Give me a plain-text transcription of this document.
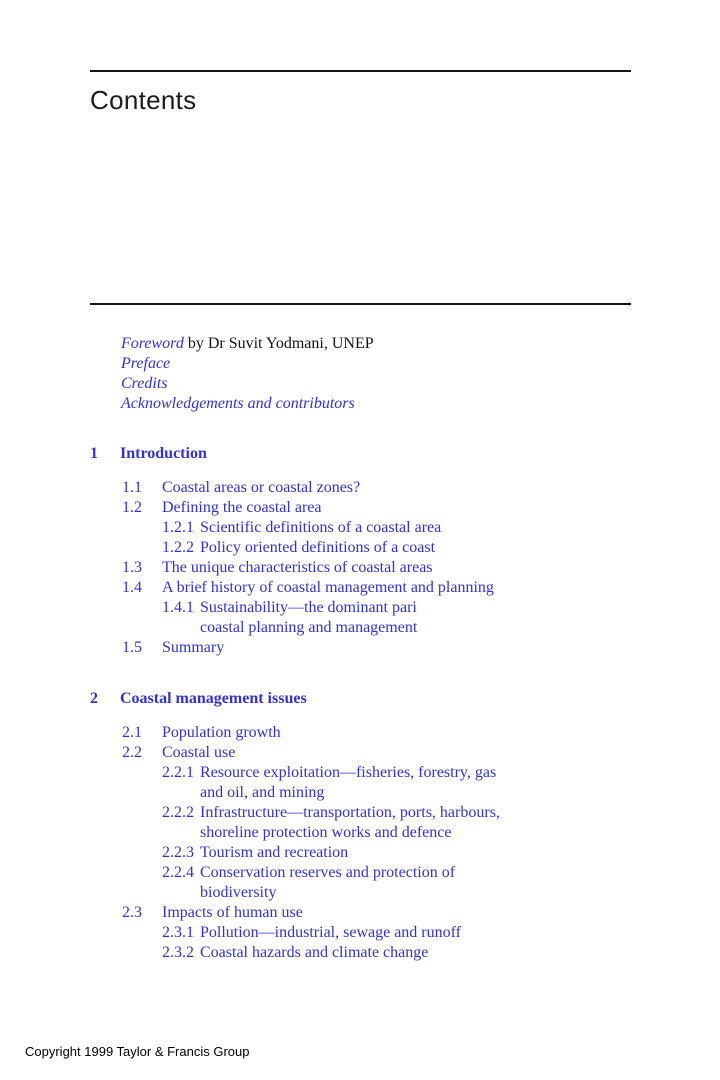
Contents
Foreword by Dr Suvit Yodmani, UNEP
Preface
Credits
Acknowledgements and contributors
1	Introduction
1.1	Coastal areas or coastal zones?
1.2	Defining the coastal area
1.2.1 Scientific definitions of a coastal area
1.2.2 Policy oriented definitions of a coast
1.3	The unique characteristics of coastal areas
1.4	A brief history of coastal management and planning
1.4.1 Sustainability—the dominant pari
coastal planning and management
1.5	Summary
2	Coastal management issues
2.1	Population growth
2.2	Coastal use
2.2.1 Resource exploitation—fisheries, forestry, gas
and oil, and mining
2.2.2 Infrastructure—transportation, ports, harbours,
shoreline protection works and defence
2.2.3 Tourism and recreation
2.2.4 Conservation reserves and protection of
biodiversity
2.3	Impacts of human use
2.3.1 Pollution—industrial, sewage and runoff
2.3.2 Coastal hazards and climate change
Copyright 1999 Taylor & Francis Group
